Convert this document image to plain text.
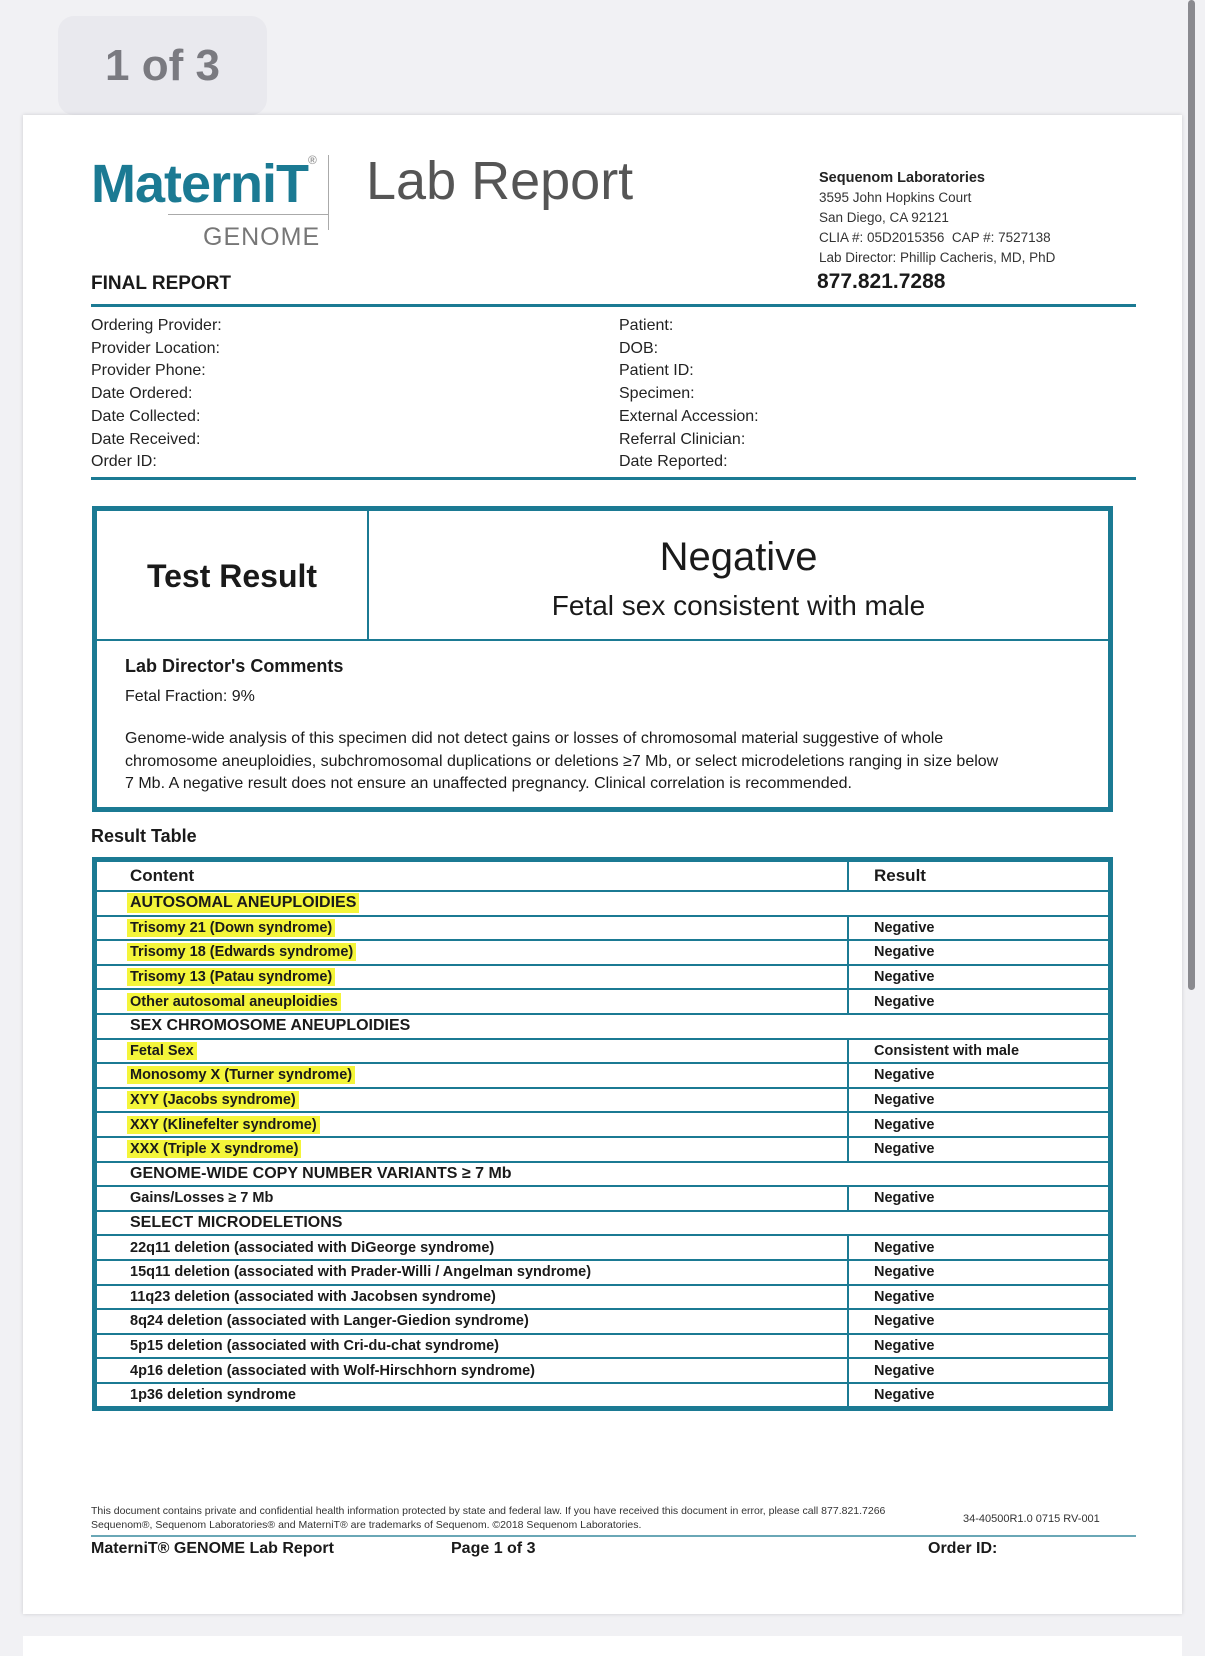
1 of 3
MaterniT®
GENOME
Lab Report	Sequenom Laboratories
3595 John Hopkins Court
San Diego, CA 92121
CLIA #: 05D2015356  CAP #: 7527138
Lab Director: Phillip Cacheris, MD, PhD
877.821.7288
FINAL REPORT
Ordering Provider:
Provider Location:
Provider Phone:
Date Ordered:
Date Collected:
Date Received:
Order ID:
Patient:
DOB:
Patient ID:
Specimen:
External Accession:
Referral Clinician:
Date Reported:
Test Result	Negative
Fetal sex consistent with male
Lab Director's Comments
Fetal Fraction: 9%
Genome-wide analysis of this specimen did not detect gains or losses of chromosomal material suggestive of whole chromosome aneuploidies, subchromosomal duplications or deletions ≥7 Mb, or select microdeletions ranging in size below 7 Mb. A negative result does not ensure an unaffected pregnancy. Clinical correlation is recommended.
Result Table
Content	Result
AUTOSOMAL ANEUPLOIDIES
Trisomy 21 (Down syndrome)	Negative
Trisomy 18 (Edwards syndrome)	Negative
Trisomy 13 (Patau syndrome)	Negative
Other autosomal aneuploidies	Negative
SEX CHROMOSOME ANEUPLOIDIES
Fetal Sex	Consistent with male
Monosomy X (Turner syndrome)	Negative
XYY (Jacobs syndrome)	Negative
XXY (Klinefelter syndrome)	Negative
XXX (Triple X syndrome)	Negative
GENOME-WIDE COPY NUMBER VARIANTS ≥ 7 Mb
Gains/Losses ≥ 7 Mb	Negative
SELECT MICRODELETIONS
22q11 deletion (associated with DiGeorge syndrome)	Negative
15q11 deletion (associated with Prader-Willi / Angelman syndrome)	Negative
11q23 deletion (associated with Jacobsen syndrome)	Negative
8q24 deletion (associated with Langer-Giedion syndrome)	Negative
5p15 deletion (associated with Cri-du-chat syndrome)	Negative
4p16 deletion (associated with Wolf-Hirschhorn syndrome)	Negative
1p36 deletion syndrome	Negative
This document contains private and confidential health information protected by state and federal law. If you have received this document in error, please call 877.821.7266
Sequenom®, Sequenom Laboratories® and MaterniT® are trademarks of Sequenom. ©2018 Sequenom Laboratories.	34-40500R1.0 0715 RV-001
MaterniT® GENOME Lab Report	Page 1 of 3	Order ID:
